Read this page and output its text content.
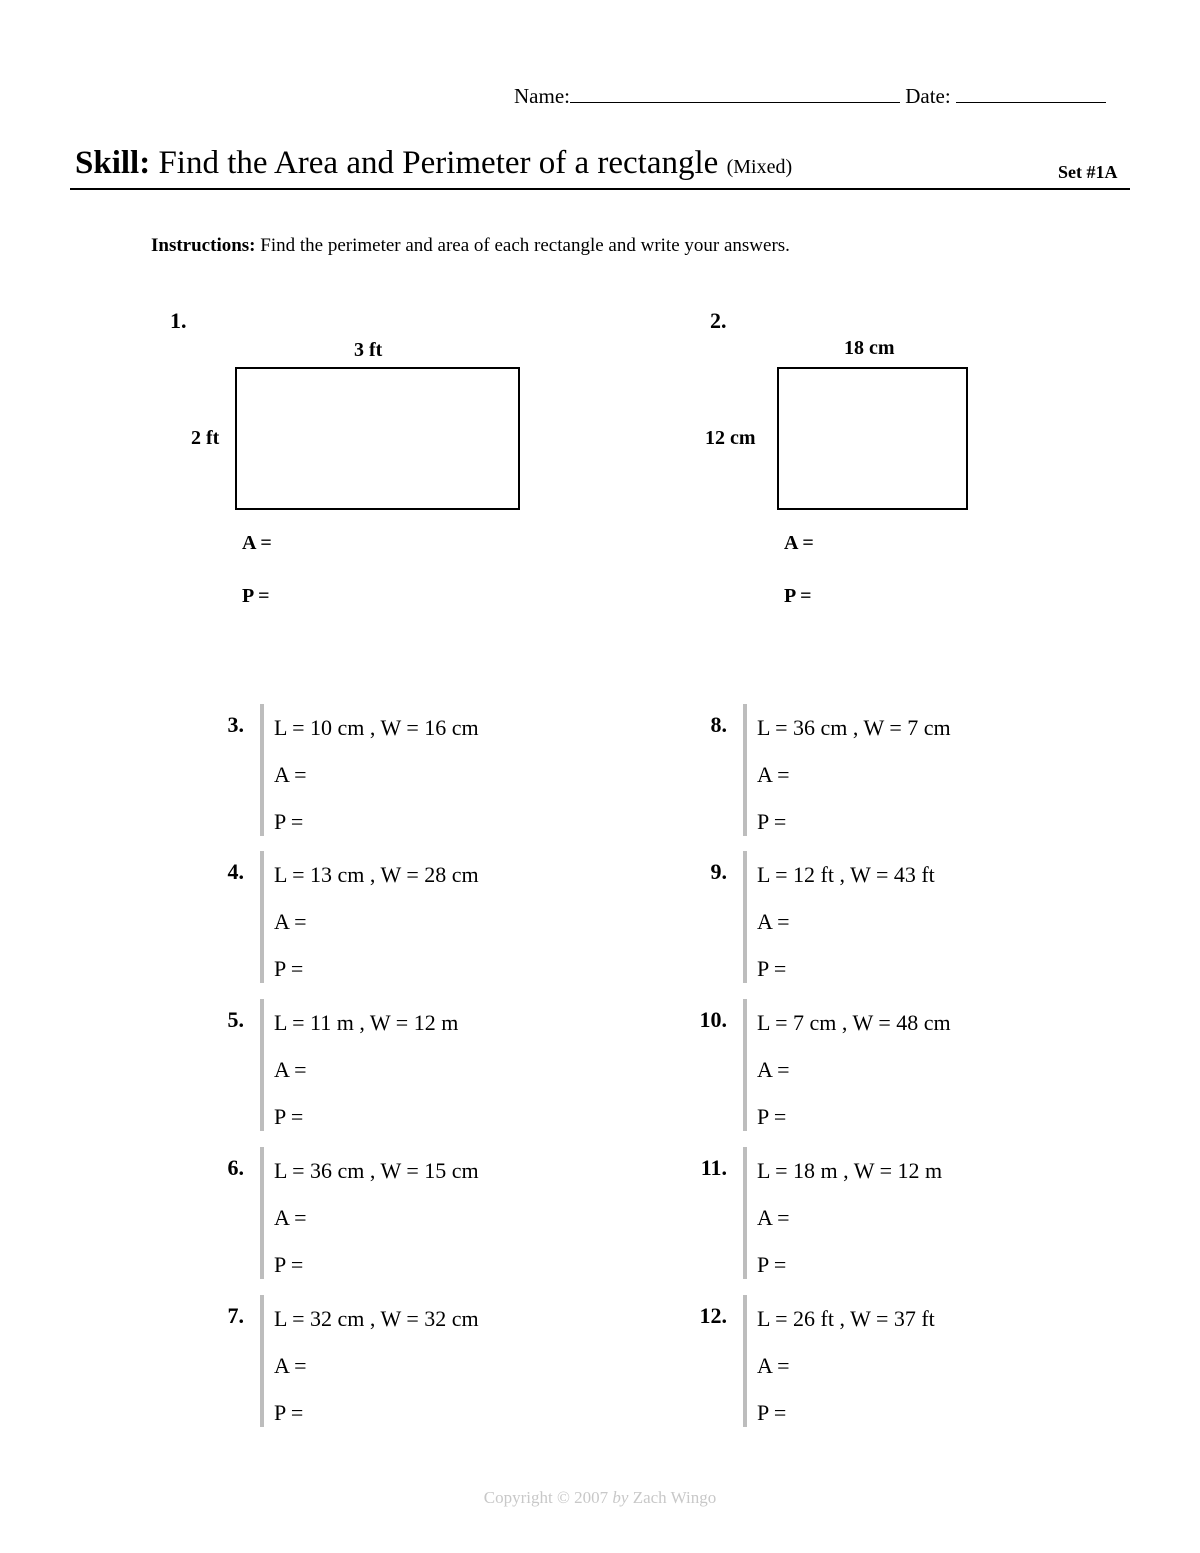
Name:	Date:
Skill: Find the Area and Perimeter of a rectangle (Mixed)	Set #1A
Instructions: Find the perimeter and area of each rectangle and write your answers.
1.
3 ft
2 ft
A =
P =
2.
18 cm
12 cm
A =
P =
3. L = 10 cm , W = 16 cm
A =
P =
4. L = 13 cm , W = 28 cm
A =
P =
5. L = 11 m , W = 12 m
A =
P =
6. L = 36 cm , W = 15 cm
A =
P =
7. L = 32 cm , W = 32 cm
A =
P =
8. L = 36 cm , W = 7 cm
A =
P =
9. L = 12 ft , W = 43 ft
A =
P =
10. L = 7 cm , W = 48 cm
A =
P =
11. L = 18 m , W = 12 m
A =
P =
12. L = 26 ft , W = 37 ft
A =
P =
Copyright © 2007 by Zach Wingo
